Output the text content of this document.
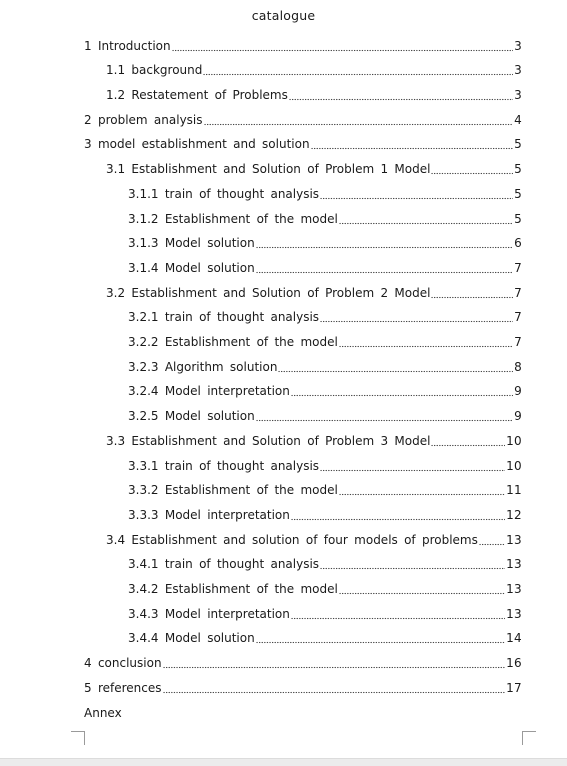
catalogue
1 Introduction	3
1.1 background	3
1.2 Restatement of Problems	3
2 problem analysis	4
3 model establishment and solution	5
3.1 Establishment and Solution of Problem 1 Model	5
3.1.1 train of thought analysis	5
3.1.2 Establishment of the model	5
3.1.3 Model solution	6
3.1.4 Model solution	7
3.2 Establishment and Solution of Problem 2 Model	7
3.2.1 train of thought analysis	7
3.2.2 Establishment of the model	7
3.2.3 Algorithm solution	8
3.2.4 Model interpretation	9
3.2.5 Model solution	9
3.3 Establishment and Solution of Problem 3 Model	10
3.3.1 train of thought analysis	10
3.3.2 Establishment of the model	11
3.3.3 Model interpretation	12
3.4 Establishment and solution of four models of problems 13
3.4.1 train of thought analysis	13
3.4.2 Establishment of the model	13
3.4.3 Model interpretation	13
3.4.4 Model solution	14
4 conclusion	16
5 references	17
Annex
